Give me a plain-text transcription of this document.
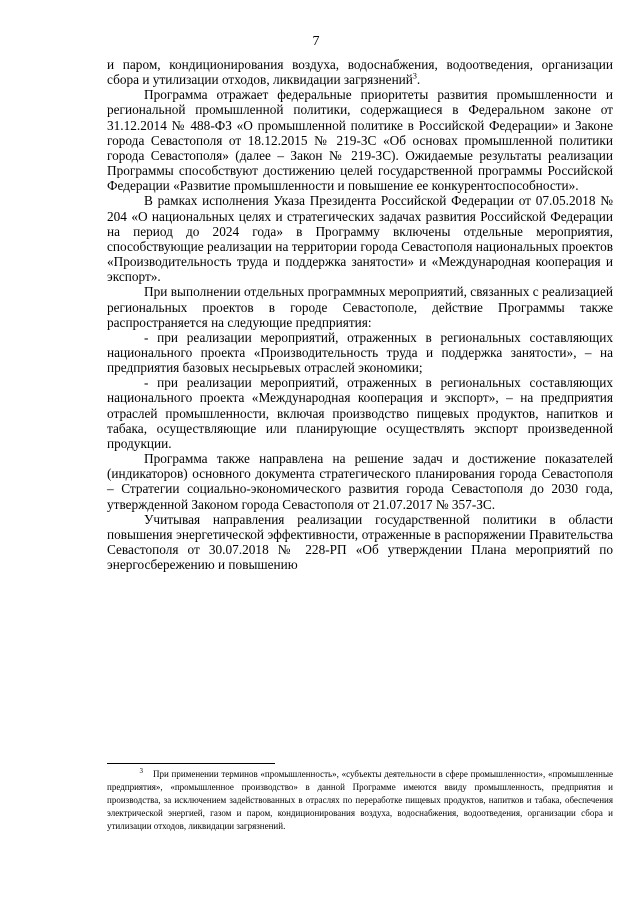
7

и паром, кондиционирования воздуха, водоснабжения, водоотведения, организации сбора и утилизации отходов, ликвидации загрязнений$^3$.

Программа отражает федеральные приоритеты развития промышленности и региональной промышленной политики, содержащиеся в Федеральном законе от 31.12.2014 № 488-ФЗ «О промышленной политике в Российской Федерации» и Законе города Севастополя от 18.12.2015 № 219-ЗС «Об основах промышленной политики города Севастополя» (далее – Закон № 219-ЗС). Ожидаемые результаты реализации Программы способствуют достижению целей государственной программы Российской Федерации «Развитие промышленности и повышение ее конкурентоспособности».

В рамках исполнения Указа Президента Российской Федерации от 07.05.2018 № 204 «О национальных целях и стратегических задачах развития Российской Федерации на период до 2024 года» в Программу включены отдельные мероприятия, способствующие реализации на территории города Севастополя национальных проектов «Производительность труда и поддержка занятости» и «Международная кооперация и экспорт».

При выполнении отдельных программных мероприятий, связанных с реализацией региональных проектов в городе Севастополе, действие Программы также распространяется на следующие предприятия:

- при реализации мероприятий, отраженных в региональных составляющих национального проекта «Производительность труда и поддержка занятости», – на предприятия базовых несырьевых отраслей экономики;

- при реализации мероприятий, отраженных в региональных составляющих национального проекта «Международная кооперация и экспорт», – на предприятия отраслей промышленности, включая производство пищевых продуктов, напитков и табака, осуществляющие или планирующие осуществлять экспорт произведенной продукции.

Программа также направлена на решение задач и достижение показателей (индикаторов) основного документа стратегического планирования города Севастополя – Стратегии социально-экономического развития города Севастополя до 2030 года, утвержденной Законом города Севастополя от 21.07.2017 № 357-ЗС.

Учитывая направления реализации государственной политики в области повышения энергетической эффективности, отраженные в распоряжении Правительства Севастополя от 30.07.2018 № 228-РП «Об утверждении Плана мероприятий по энергосбережению и повышению

3 При применении терминов «промышленность», «субъекты деятельности в сфере промышленности», «промышленные предприятия», «промышленное производство» в данной Программе имеются ввиду промышленность, предприятия и производства, за исключением задействованных в отраслях по переработке пищевых продуктов, напитков и табака, обеспечения электрической энергией, газом и паром, кондиционирования воздуха, водоснабжения, водоотведения, организации сбора и утилизации отходов, ликвидации загрязнений.
